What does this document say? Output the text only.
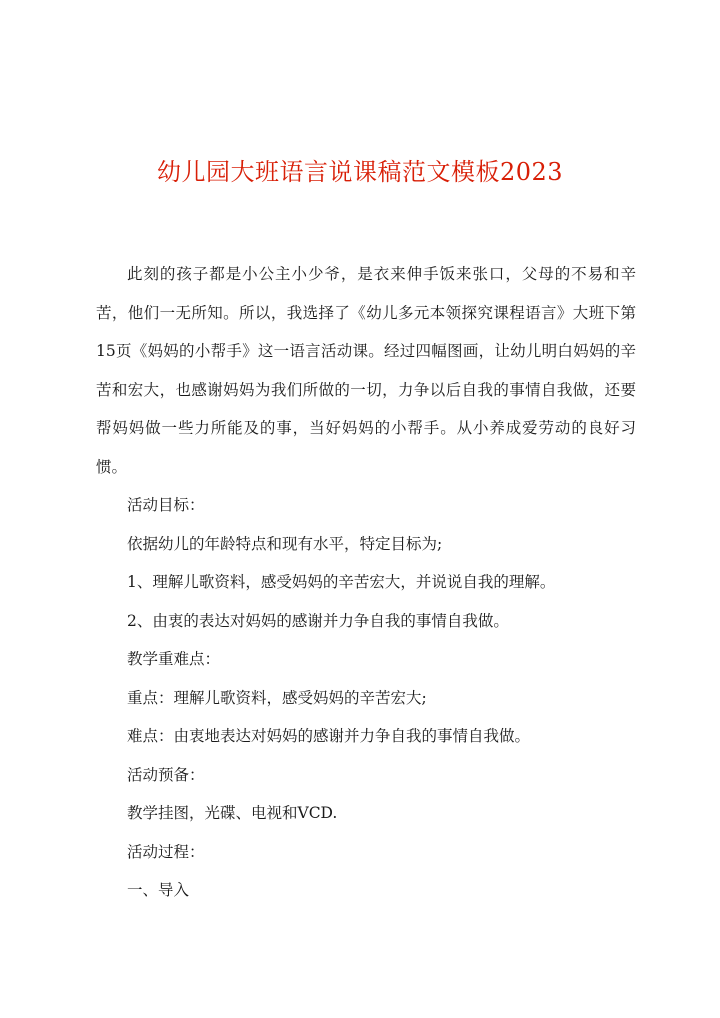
幼儿园大班语言说课稿范文模板2023

此刻的孩子都是小公主小少爷，是衣来伸手饭来张口，父母的不易和辛苦，他们一无所知。所以，我选择了《幼儿多元本领探究课程语言》大班下第15页《妈妈的小帮手》这一语言活动课。经过四幅图画，让幼儿明白妈妈的辛苦和宏大，也感谢妈妈为我们所做的一切，力争以后自我的事情自我做，还要帮妈妈做一些力所能及的事，当好妈妈的小帮手。从小养成爱劳动的良好习惯。

活动目标：

依据幼儿的年龄特点和现有水平，特定目标为;

1、理解儿歌资料，感受妈妈的辛苦宏大，并说说自我的理解。

2、由衷的表达对妈妈的感谢并力争自我的事情自我做。

教学重难点：

重点：理解儿歌资料，感受妈妈的辛苦宏大;

难点：由衷地表达对妈妈的感谢并力争自我的事情自我做。

活动预备：

教学挂图，光碟、电视和VCD.

活动过程：

一、导入
